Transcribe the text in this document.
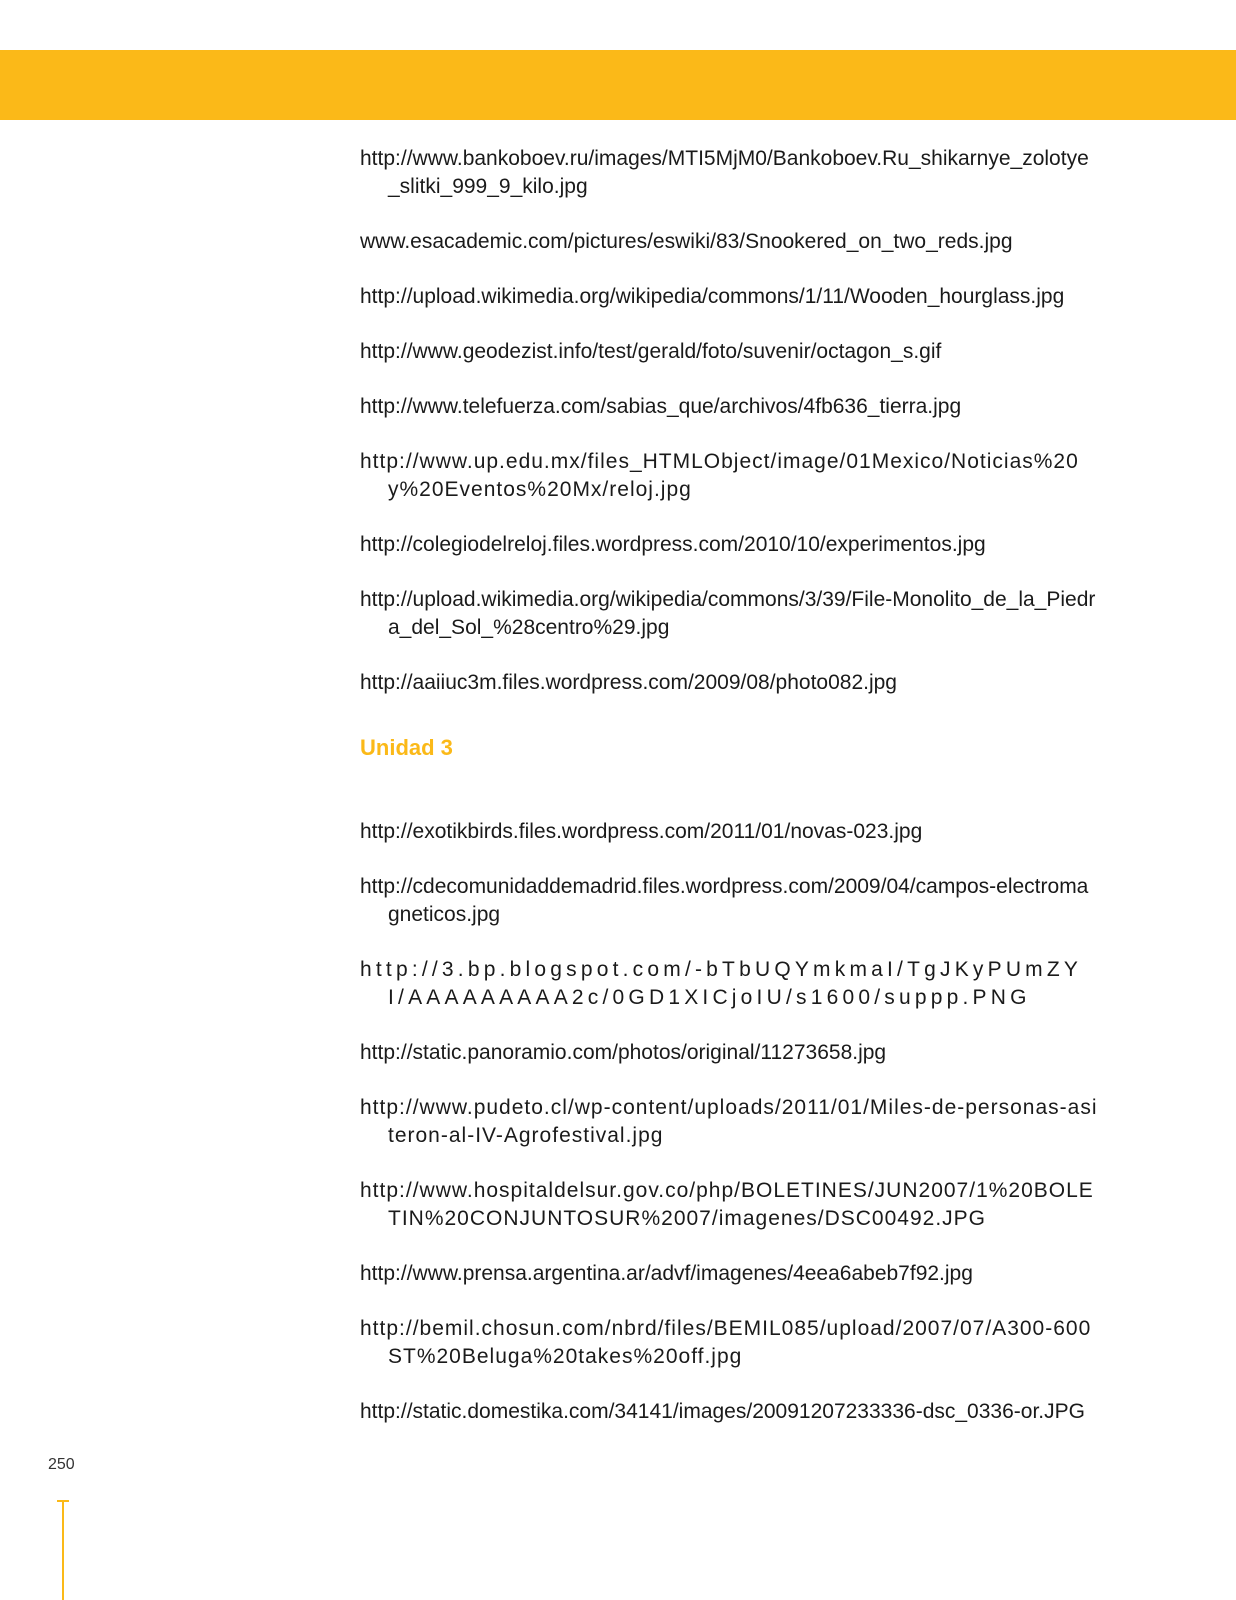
http://www.bankoboev.ru/images/MTI5MjM0/Bankoboev.Ru_shikarnye_zolotye_slitki_999_9_kilo.jpg

www.esacademic.com/pictures/eswiki/83/Snookered_on_two_reds.jpg

http://upload.wikimedia.org/wikipedia/commons/1/11/Wooden_hourglass.jpg

http://www.geodezist.info/test/gerald/foto/suvenir/octagon_s.gif

http://www.telefuerza.com/sabias_que/archivos/4fb636_tierra.jpg

http://www.up.edu.mx/files_HTMLObject/image/01Mexico/Noticias%20y%20Eventos%20Mx/reloj.jpg

http://colegiodelreloj.files.wordpress.com/2010/10/experimentos.jpg

http://upload.wikimedia.org/wikipedia/commons/3/39/File-Monolito_de_la_Piedra_del_Sol_%28centro%29.jpg

http://aaiiuc3m.files.wordpress.com/2009/08/photo082.jpg

Unidad 3

http://exotikbirds.files.wordpress.com/2011/01/novas-023.jpg

http://cdecomunidaddemadrid.files.wordpress.com/2009/04/campos-electromagneticos.jpg

http://3.bp.blogspot.com/-bTbUQYmkmaI/TgJKyPUmZYI/AAAAAAAAA2c/0GD1XICjoIU/s1600/suppp.PNG

http://static.panoramio.com/photos/original/11273658.jpg

http://www.pudeto.cl/wp-content/uploads/2011/01/Miles-de-personas-asiteron-al-IV-Agrofestival.jpg

http://www.hospitaldelsur.gov.co/php/BOLETINES/JUN2007/1%20BOLETIN%20CONJUNTOSUR%2007/imagenes/DSC00492.JPG

http://www.prensa.argentina.ar/advf/imagenes/4eea6abeb7f92.jpg

http://bemil.chosun.com/nbrd/files/BEMIL085/upload/2007/07/A300-600ST%20Beluga%20takes%20off.jpg

http://static.domestika.com/34141/images/20091207233336-dsc_0336-or.JPG

250
